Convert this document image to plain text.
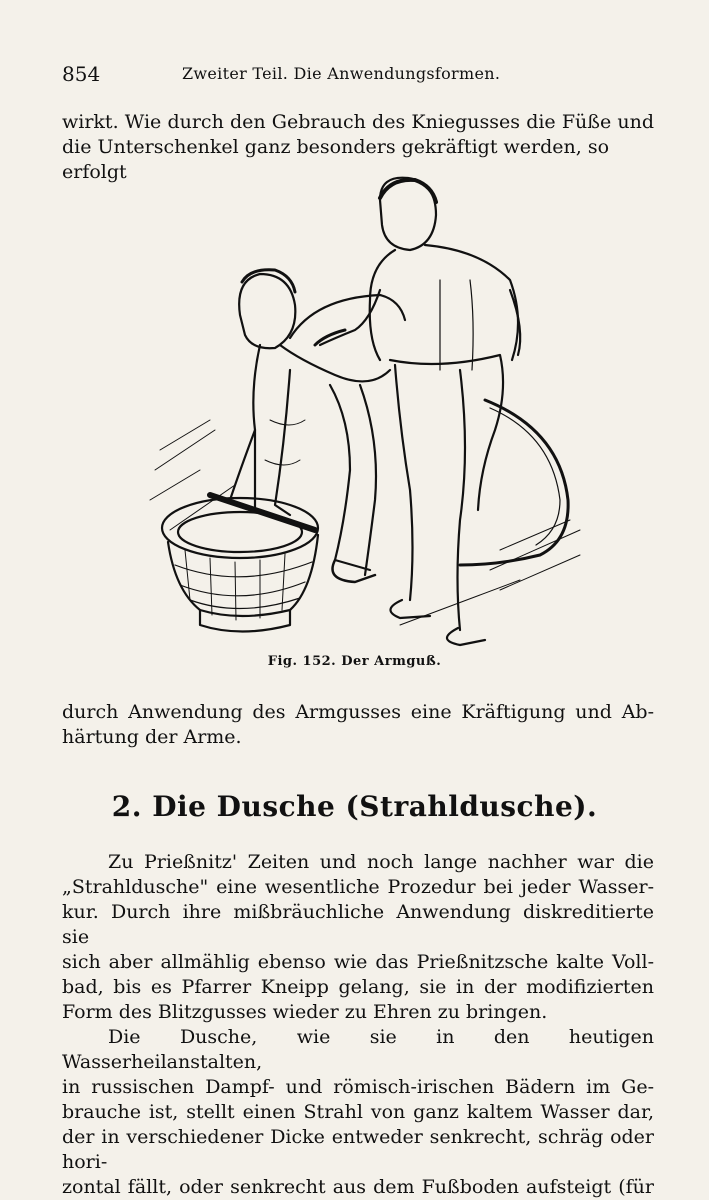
854	Zweiter Teil. Die Anwendungsformen.

wirkt. Wie durch den Gebrauch des Kniegusses die Füße und

die Unterschenkel ganz besonders gekräftigt werden, so erfolgt

Fig. 152. Der Armguß.

durch Anwendung des Armgusses eine Kräftigung und Ab-

härtung der Arme.

2. Die Dusche (Strahldusche).

Zu Prießnitz' Zeiten und noch lange nachher war die

„Strahldusche" eine wesentliche Prozedur bei jeder Wasser-

kur. Durch ihre mißbräuchliche Anwendung diskreditierte sie

sich aber allmählig ebenso wie das Prießnitzsche kalte Voll-

bad, bis es Pfarrer Kneipp gelang, sie in der modifizierten

Form des Blitzgusses wieder zu Ehren zu bringen.

Die Dusche, wie sie in den heutigen Wasserheilanstalten,

in russischen Dampf- und römisch-irischen Bädern im Ge-

brauche ist, stellt einen Strahl von ganz kaltem Wasser dar,

der in verschiedener Dicke entweder senkrecht, schräg oder hori-

zontal fällt, oder senkrecht aus dem Fußboden aufsteigt (für
